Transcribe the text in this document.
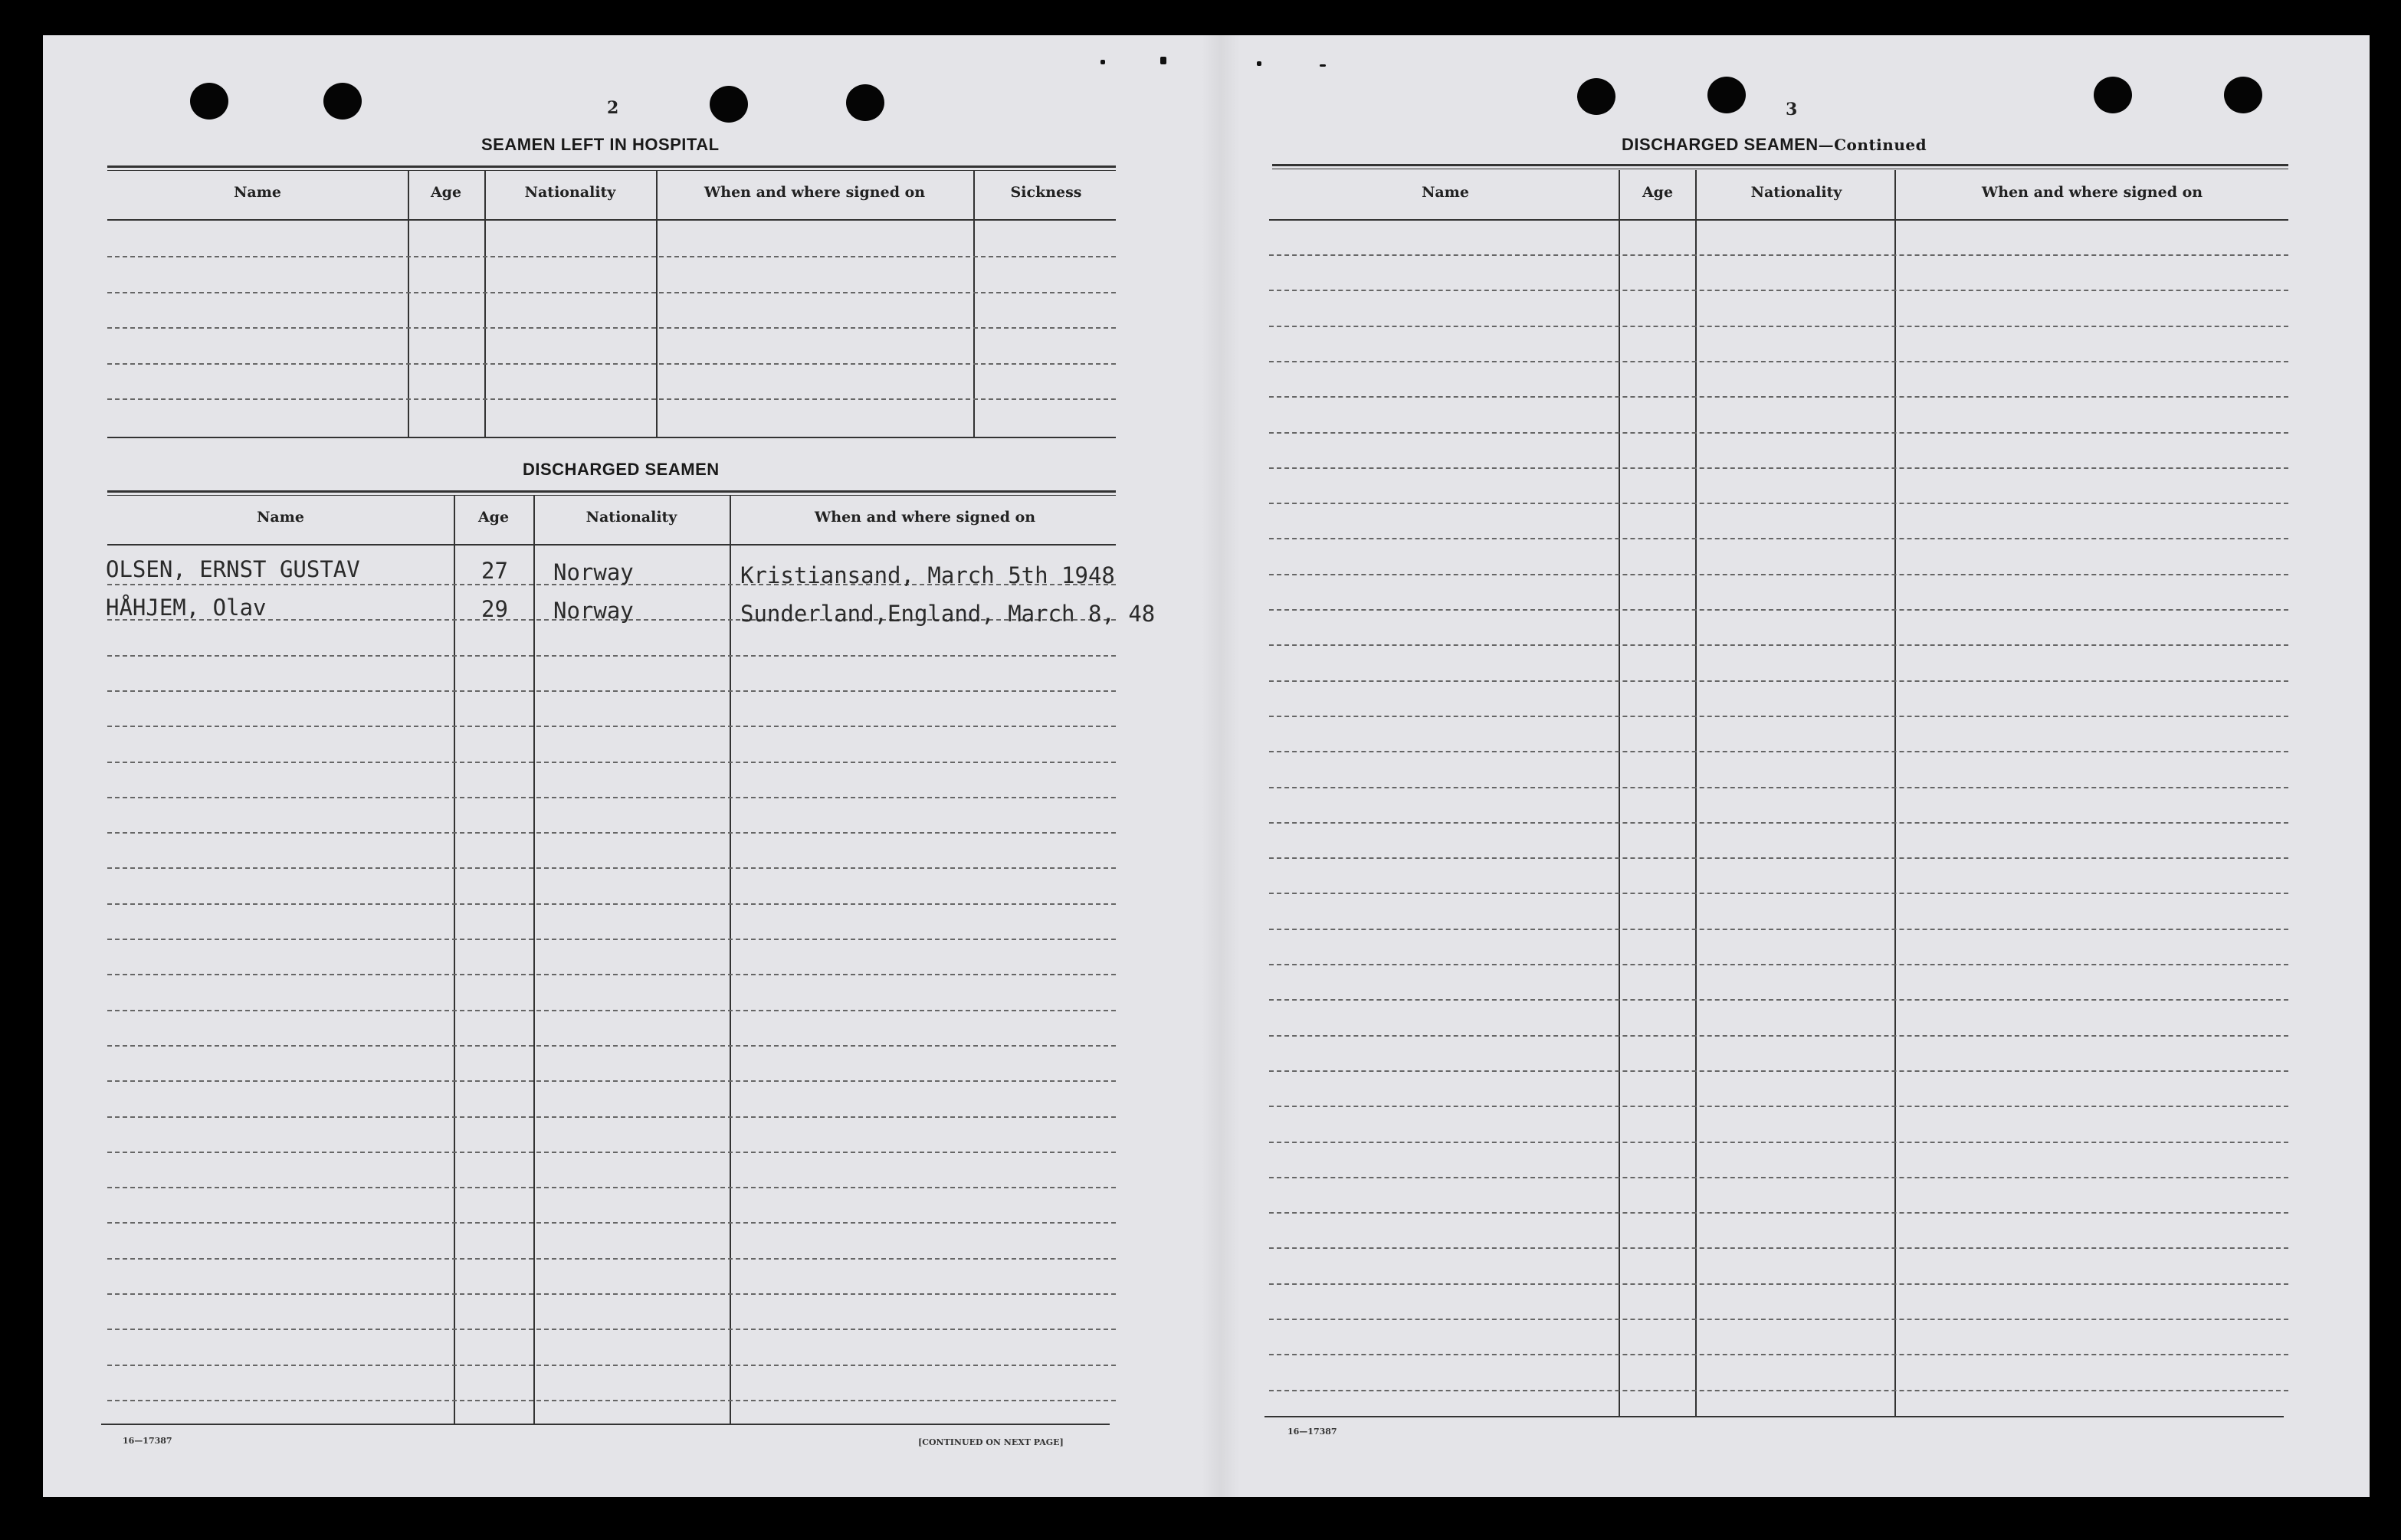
2
SEAMEN LEFT IN HOSPITAL
Name	Age	Nationality	When and where signed on	Sickness
DISCHARGED SEAMEN
Name	Age	Nationality	When and where signed on
OLSEN, ERNST GUSTAV	27 Norway	Kristiansand, March 5th 1948
HÅHJEM, Olav	29 Norway	Sunderland,England, March 8, 48
16—17387	[CONTINUED ON NEXT PAGE]
3
DISCHARGED SEAMEN—Continued
Name	Age	Nationality	When and where signed on
16—17387
